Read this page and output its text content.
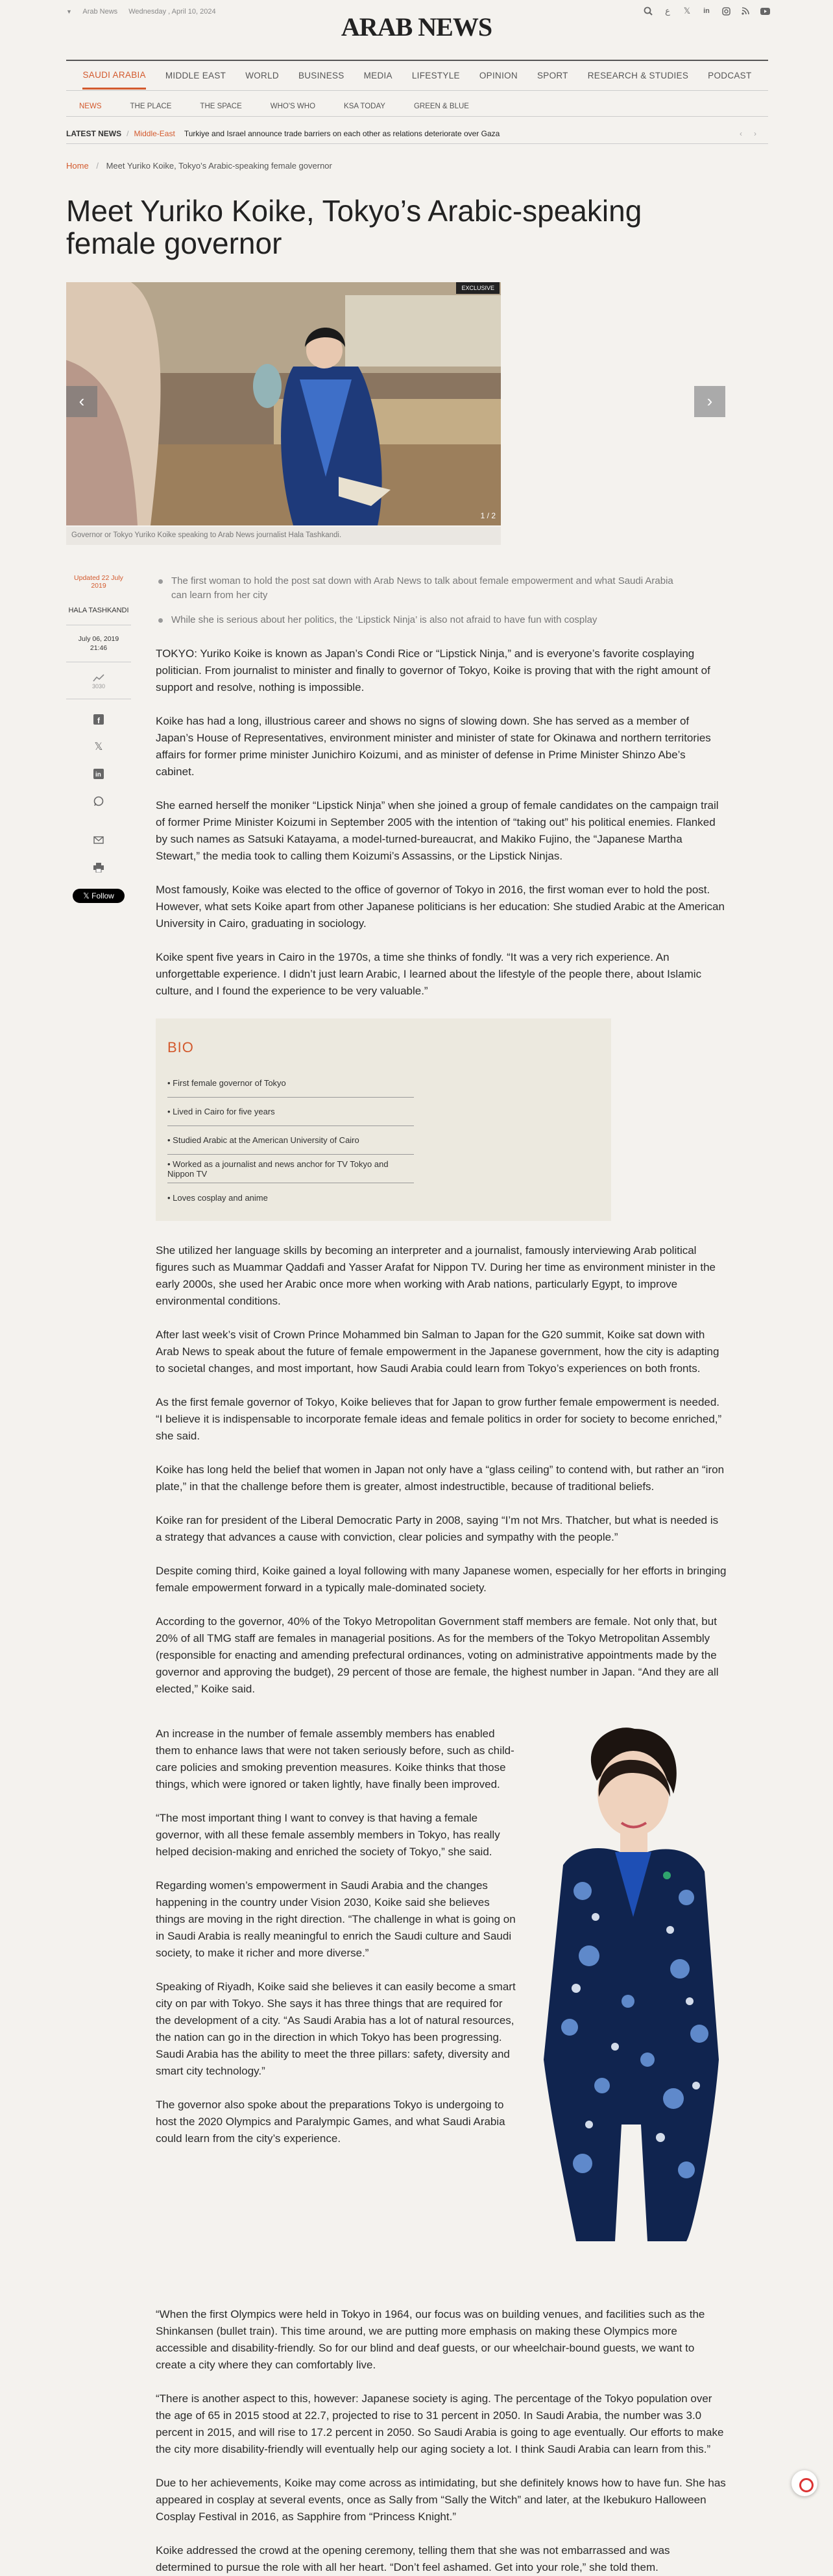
▼ Arab News Wednesday , April 10, 2024
ARAB NEWS
ع	𝕏	in
SAUDI ARABIA MIDDLE EAST WORLD BUSINESS MEDIA LIFESTYLE OPINION SPORT RESEARCH & STUDIES PODCAST
NEWS	THE PLACE	THE SPACE	WHO'S WHO	KSA TODAY	GREEN & BLUE
LATEST NEWS / Middle-East Turkiye and Israel announce trade barriers on each other as relations deteriorate over Gaza	‹›
Home / Meet Yuriko Koike, Tokyo’s Arabic-speaking female governor
Meet Yuriko Koike, Tokyo’s Arabic-speaking female governor
EXCLUSIVE
‹
1 / 2
›
Governor or Tokyo Yuriko Koike speaking to Arab News journalist Hala Tashkandi.
Updated 22 July 2019
HALA TASHKANDI
July 06, 2019
21:46
3030
f
𝕏
in
𝕏 Follow
The first woman to hold the post sat down with Arab News to talk about female empowerment and what Saudi Arabia can learn from her city
While she is serious about her politics, the ‘Lipstick Ninja’ is also not afraid to have fun with cosplay

TOKYO: Yuriko Koike is known as Japan’s Condi Rice or “Lipstick Ninja,” and is everyone’s favorite cosplaying politician. From journalist to minister and finally to governor of Tokyo, Koike is proving that with the right amount of support and resolve, nothing is impossible.

Koike has had a long, illustrious career and shows no signs of slowing down. She has served as a member of Japan’s House of Representatives, environment minister and minister of state for Okinawa and northern territories affairs for former prime minister Junichiro Koizumi, and as minister of defense in Prime Minister Shinzo Abe’s cabinet.

She earned herself the moniker “Lipstick Ninja” when she joined a group of female candidates on the campaign trail of former Prime Minister Koizumi in September 2005 with the intention of “taking out” his political enemies. Flanked by such names as Satsuki Katayama, a model-turned-bureaucrat, and Makiko Fujino, the “Japanese Martha Stewart,” the media took to calling them Koizumi’s Assassins, or the Lipstick Ninjas.

Most famously, Koike was elected to the office of governor of Tokyo in 2016, the first woman ever to hold the post. However, what sets Koike apart from other Japanese politicians is her education: She studied Arabic at the American University in Cairo, graduating in sociology.

Koike spent five years in Cairo in the 1970s, a time she thinks of fondly. “It was a very rich experience. An unforgettable experience. I didn’t just learn Arabic, I learned about the lifestyle of the people there, about Islamic culture, and I found the experience to be very valuable.”

BIO
• First female governor of Tokyo
• Lived in Cairo for five years
• Studied Arabic at the American University of Cairo
• Worked as a journalist and news anchor for TV Tokyo and Nippon TV
• Loves cosplay and anime

She utilized her language skills by becoming an interpreter and a journalist, famously interviewing Arab political figures such as Muammar Qaddafi and Yasser Arafat for Nippon TV. During her time as environment minister in the early 2000s, she used her Arabic once more when working with Arab nations, particularly Egypt, to improve environmental conditions.

After last week’s visit of Crown Prince Mohammed bin Salman to Japan for the G20 summit, Koike sat down with Arab News to speak about the future of female empowerment in the Japanese government, how the city is adapting to societal changes, and most important, how Saudi Arabia could learn from Tokyo’s experiences on both fronts.

As the first female governor of Tokyo, Koike believes that for Japan to grow further female empowerment is needed. “I believe it is indispensable to incorporate female ideas and female politics in order for society to become enriched,” she said.

Koike has long held the belief that women in Japan not only have a “glass ceiling” to contend with, but rather an “iron plate,” in that the challenge before them is greater, almost indestructible, because of traditional beliefs.

Koike ran for president of the Liberal Democratic Party in 2008, saying “I’m not Mrs. Thatcher, but what is needed is a strategy that advances a cause with conviction, clear policies and sympathy with the people.”

Despite coming third, Koike gained a loyal following with many Japanese women, especially for her efforts in bringing female empowerment forward in a typically male-dominated society.

According to the governor, 40% of the Tokyo Metropolitan Government staff members are female. Not only that, but 20% of all TMG staff are females in managerial positions. As for the members of the Tokyo Metropolitan Assembly (responsible for enacting and amending prefectural ordinances, voting on administrative appointments made by the governor and approving the budget), 29 percent of those are female, the highest number in Japan. “And they are all elected,” Koike said.

An increase in the number of female assembly members has enabled them to enhance laws that were not taken seriously before, such as child-care policies and smoking prevention measures. Koike thinks that those things, which were ignored or taken lightly, have finally been improved.

“The most important thing I want to convey is that having a female governor, with all these female assembly members in Tokyo, has really helped decision-making and enriched the society of Tokyo,” she said.

Regarding women’s empowerment in Saudi Arabia and the changes happening in the country under Vision 2030, Koike said she believes things are moving in the right direction. “The challenge in what is going on in Saudi Arabia is really meaningful to enrich the Saudi culture and Saudi society, to make it richer and more diverse.”

Speaking of Riyadh, Koike said she believes it can easily become a smart city on par with Tokyo. She says it has three things that are required for the development of a city. “As Saudi Arabia has a lot of natural resources, the nation can go in the direction in which Tokyo has been progressing. Saudi Arabia has the ability to meet the three pillars: safety, diversity and smart city technology.”

The governor also spoke about the preparations Tokyo is undergoing to host the 2020 Olympics and Paralympic Games, and what Saudi Arabia could learn from the city’s experience.

“When the first Olympics were held in Tokyo in 1964, our focus was on building venues, and facilities such as the Shinkansen (bullet train). This time around, we are putting more emphasis on making these Olympics more accessible and disability-friendly. So for our blind and deaf guests, or our wheelchair-bound guests, we want to create a city where they can comfortably live.

“There is another aspect to this, however: Japanese society is aging. The percentage of the Tokyo population over the age of 65 in 2015 stood at 22.7, projected to rise to 31 percent in 2050. In Saudi Arabia, the number was 3.0 percent in 2015, and will rise to 17.2 percent in 2050. So Saudi Arabia is going to age eventually. Our efforts to make the city more disability-friendly will eventually help our aging society a lot. I think Saudi Arabia can learn from this.”

Due to her achievements, Koike may come across as intimidating, but she definitely knows how to have fun. She has appeared in cosplay at several events, once as Sally from “Sally the Witch” and later, at the Ikebukuro Halloween Cosplay Festival in 2016, as Sapphire from “Princess Knight.”

Koike addressed the crowd at the opening ceremony, telling them that she was not embarrassed and was determined to pursue the role with all her heart. “Don’t feel ashamed. Get into your role,” she told them.
